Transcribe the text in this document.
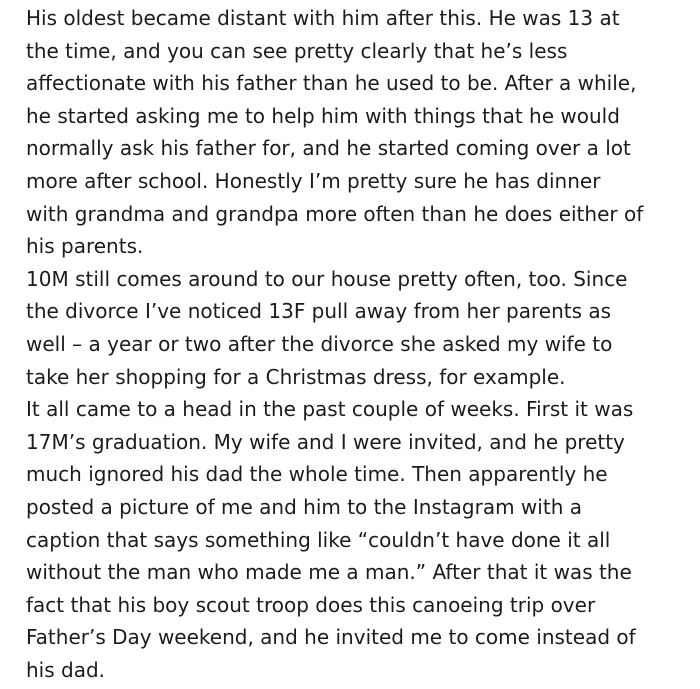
His oldest became distant with him after this. He was 13 at
the time, and you can see pretty clearly that he’s less
affectionate with his father than he used to be. After a while,
he started asking me to help him with things that he would
normally ask his father for, and he started coming over a lot
more after school. Honestly I’m pretty sure he has dinner
with grandma and grandpa more often than he does either of
his parents.
10M still comes around to our house pretty often, too. Since
the divorce I’ve noticed 13F pull away from her parents as
well – a year or two after the divorce she asked my wife to
take her shopping for a Christmas dress, for example.
It all came to a head in the past couple of weeks. First it was
17M’s graduation. My wife and I were invited, and he pretty
much ignored his dad the whole time. Then apparently he
posted a picture of me and him to the Instagram with a
caption that says something like “couldn’t have done it all
without the man who made me a man.” After that it was the
fact that his boy scout troop does this canoeing trip over
Father’s Day weekend, and he invited me to come instead of
his dad.
